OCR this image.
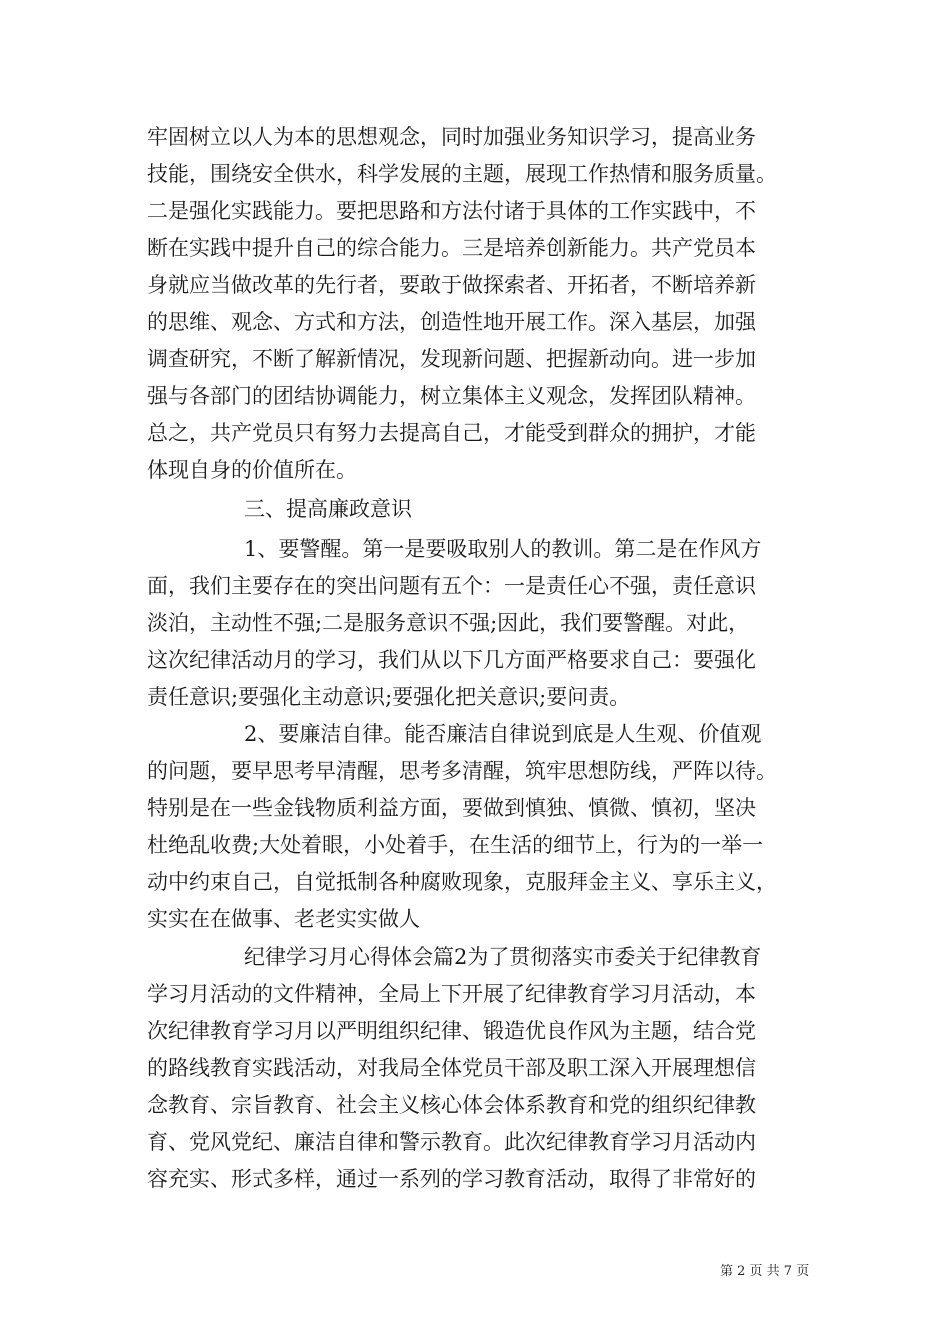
牢固树立以人为本的思想观念，同时加强业务知识学习，提高业务
技能，围绕安全供水，科学发展的主题，展现工作热情和服务质量。
二是强化实践能力。要把思路和方法付诸于具体的工作实践中，不
断在实践中提升自己的综合能力。三是培养创新能力。共产党员本
身就应当做改革的先行者，要敢于做探索者、开拓者，不断培养新
的思维、观念、方式和方法，创造性地开展工作。深入基层，加强
调查研究，不断了解新情况，发现新问题、把握新动向。进一步加
强与各部门的团结协调能力，树立集体主义观念，发挥团队精神。
总之，共产党员只有努力去提高自己，才能受到群众的拥护，才能
体现自身的价值所在。
三、提高廉政意识
1、要警醒。第一是要吸取别人的教训。第二是在作风方
面，我们主要存在的突出问题有五个：一是责任心不强，责任意识
淡泊，主动性不强;二是服务意识不强;因此，我们要警醒。对此，
这次纪律活动月的学习，我们从以下几方面严格要求自己：要强化
责任意识;要强化主动意识;要强化把关意识;要问责。
2、要廉洁自律。能否廉洁自律说到底是人生观、价值观
的问题，要早思考早清醒，思考多清醒，筑牢思想防线，严阵以待。
特别是在一些金钱物质利益方面，要做到慎独、慎微、慎初，坚决
杜绝乱收费;大处着眼，小处着手，在生活的细节上，行为的一举一
动中约束自己，自觉抵制各种腐败现象，克服拜金主义、享乐主义，
实实在在做事、老老实实做人
纪律学习月心得体会篇2为了贯彻落实市委关于纪律教育
学习月活动的文件精神，全局上下开展了纪律教育学习月活动，本
次纪律教育学习月以严明组织纪律、锻造优良作风为主题，结合党
的路线教育实践活动，对我局全体党员干部及职工深入开展理想信
念教育、宗旨教育、社会主义核心体会体系教育和党的组织纪律教
育、党风党纪、廉洁自律和警示教育。此次纪律教育学习月活动内
容充实、形式多样，通过一系列的学习教育活动，取得了非常好的
第 2 页 共 7 页
